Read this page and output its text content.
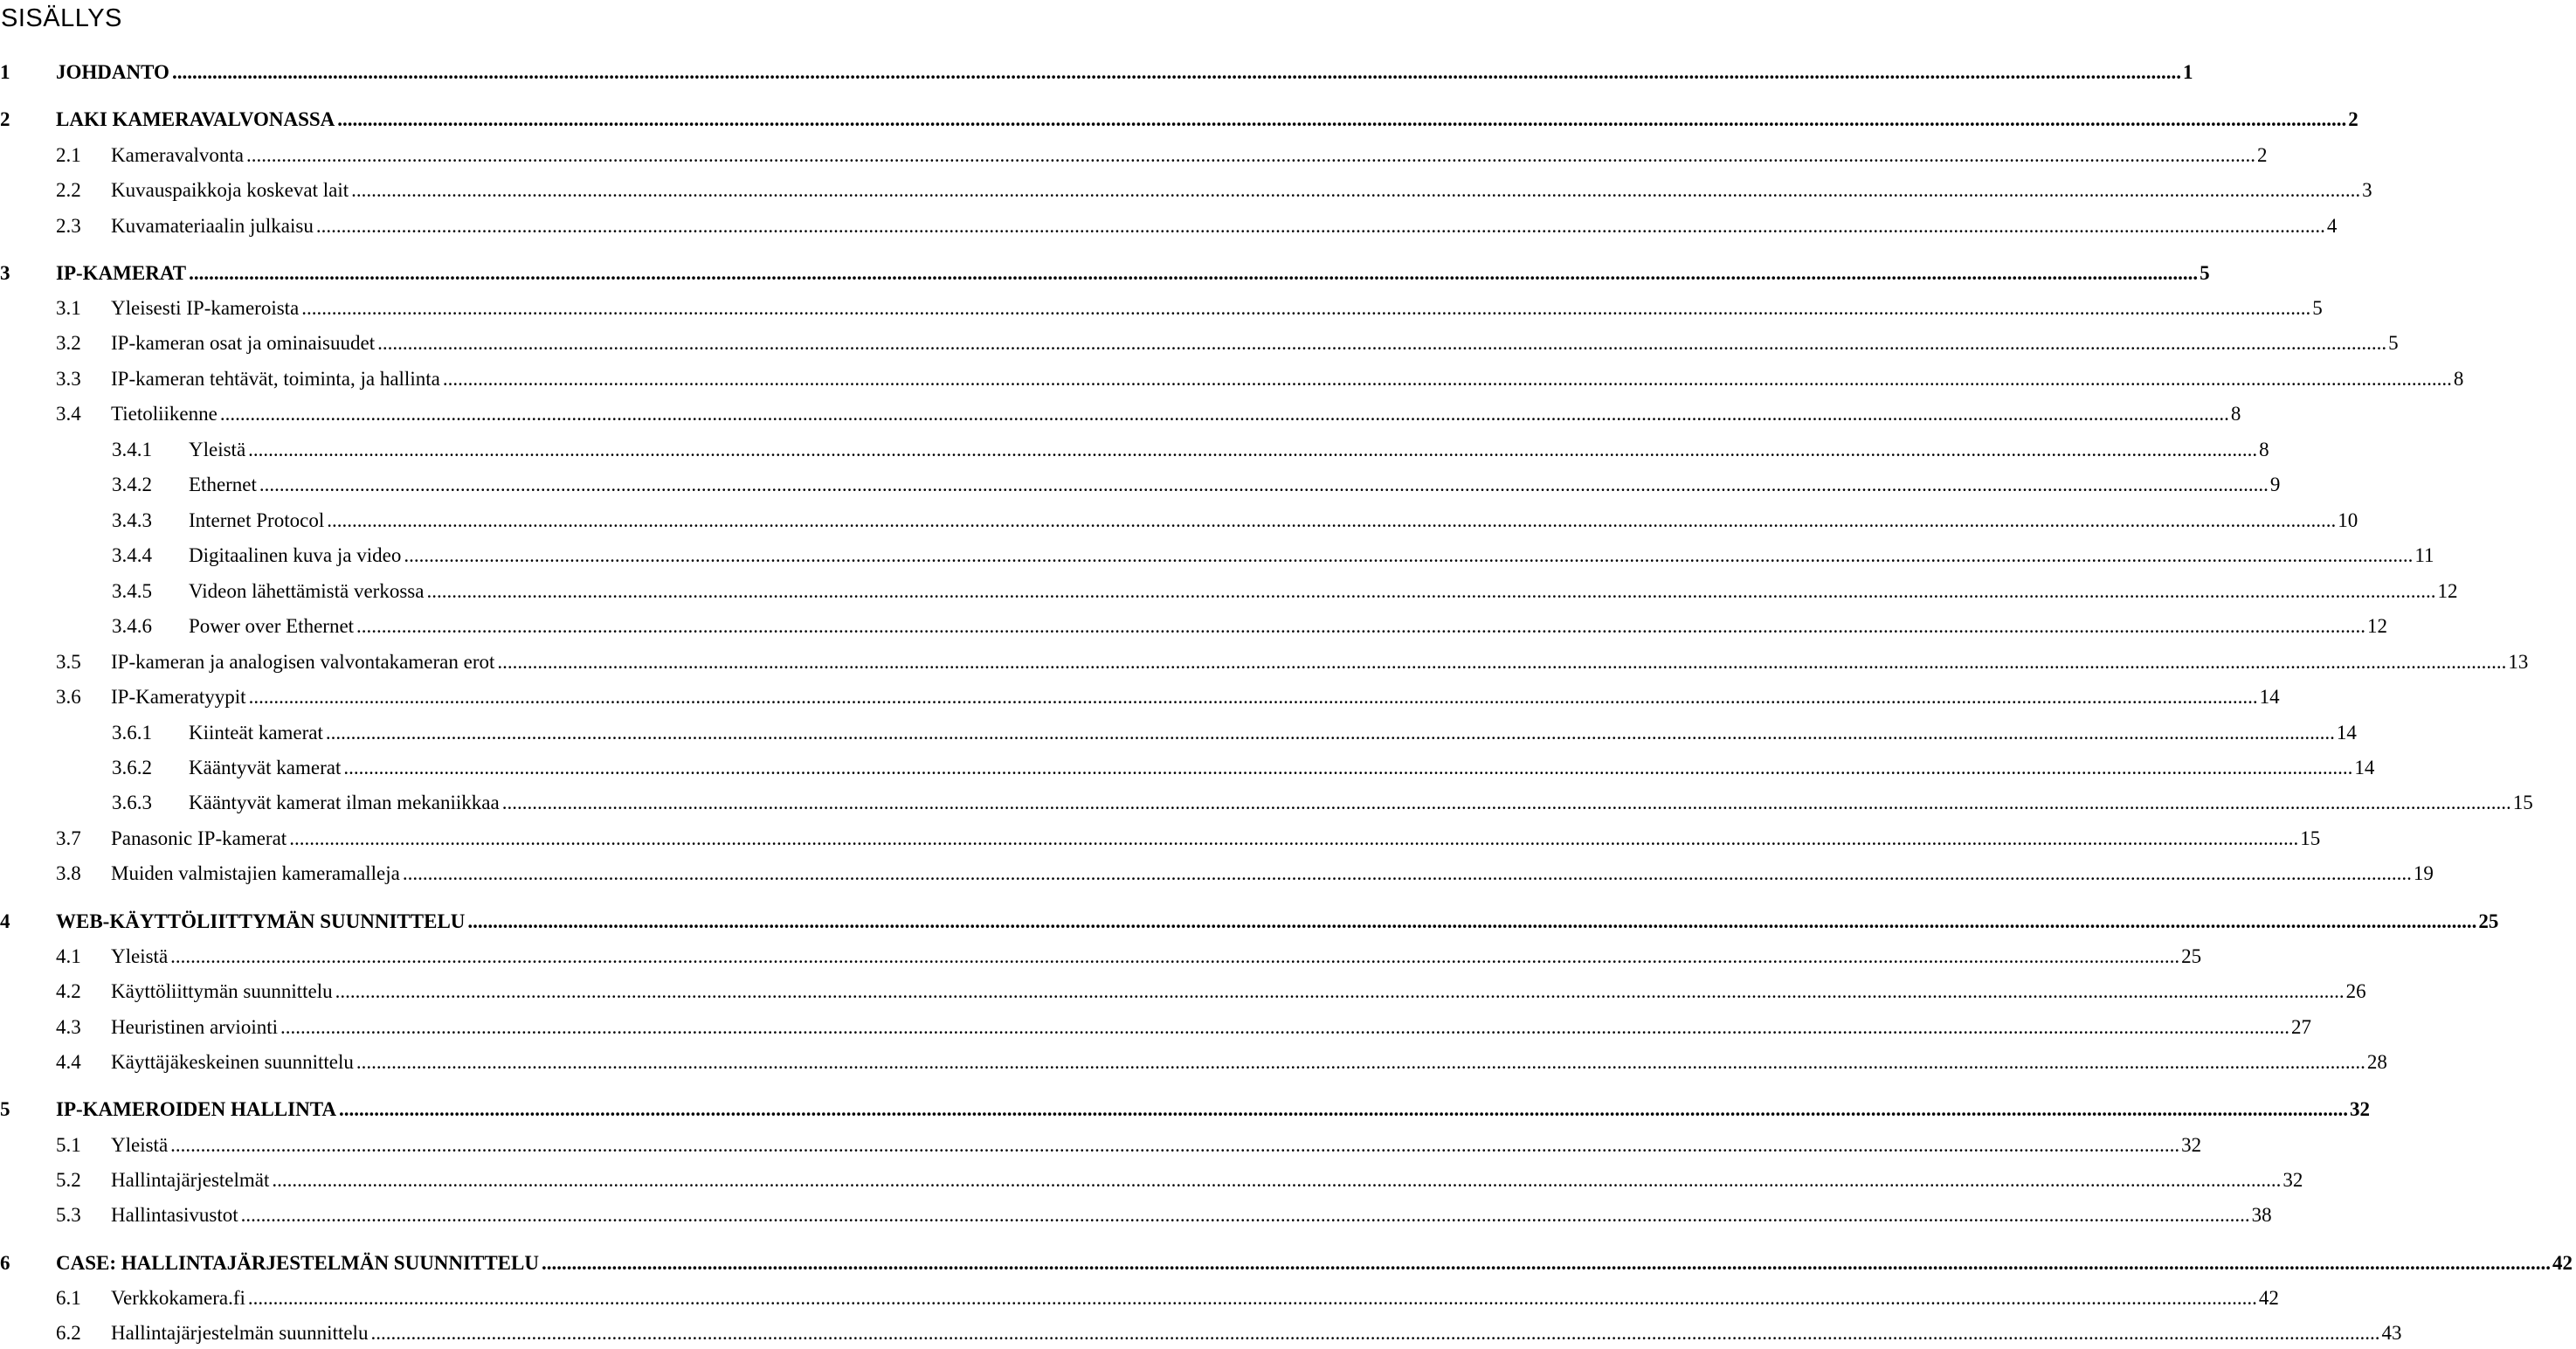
SISÄLLYS
1	JOHDANTO ................................................................................................................................................................................................................................................................................................................................................................................................................ 1
2	LAKI KAMERAVALVONASSA ................................................................................................................................................................................................................................................................................................................................................................................................................ 2
2.1	Kameravalvonta ................................................................................................................................................................................................................................................................................................................................................................................................................ 2
2.2	Kuvauspaikkoja koskevat lait ................................................................................................................................................................................................................................................................................................................................................................................................................ 3
2.3	Kuvamateriaalin julkaisu ................................................................................................................................................................................................................................................................................................................................................................................................................ 4
3	IP-KAMERAT ................................................................................................................................................................................................................................................................................................................................................................................................................ 5
3.1	Yleisesti IP-kameroista ................................................................................................................................................................................................................................................................................................................................................................................................................ 5
3.2	IP-kameran osat ja ominaisuudet ................................................................................................................................................................................................................................................................................................................................................................................................................ 5
3.3	IP-kameran tehtävät, toiminta, ja hallinta ................................................................................................................................................................................................................................................................................................................................................................................................................ 8
3.4	Tietoliikenne ................................................................................................................................................................................................................................................................................................................................................................................................................ 8
3.4.1	Yleistä ................................................................................................................................................................................................................................................................................................................................................................................................................ 8
3.4.2	Ethernet ................................................................................................................................................................................................................................................................................................................................................................................................................ 9
3.4.3	Internet Protocol ................................................................................................................................................................................................................................................................................................................................................................................................................ 10
3.4.4	Digitaalinen kuva ja video ................................................................................................................................................................................................................................................................................................................................................................................................................ 11
3.4.5	Videon lähettämistä verkossa ................................................................................................................................................................................................................................................................................................................................................................................................................ 12
3.4.6	Power over Ethernet ................................................................................................................................................................................................................................................................................................................................................................................................................ 12
3.5	IP-kameran ja analogisen valvontakameran erot ................................................................................................................................................................................................................................................................................................................................................................................................................ 13
3.6	IP-Kameratyypit ................................................................................................................................................................................................................................................................................................................................................................................................................ 14
3.6.1	Kiinteät kamerat ................................................................................................................................................................................................................................................................................................................................................................................................................ 14
3.6.2	Kääntyvät kamerat ................................................................................................................................................................................................................................................................................................................................................................................................................ 14
3.6.3	Kääntyvät kamerat ilman mekaniikkaa ................................................................................................................................................................................................................................................................................................................................................................................................................ 15
3.7	Panasonic IP-kamerat ................................................................................................................................................................................................................................................................................................................................................................................................................ 15
3.8	Muiden valmistajien kameramalleja ................................................................................................................................................................................................................................................................................................................................................................................................................ 19
4	WEB-KÄYTTÖLIITTYMÄN SUUNNITTELU ................................................................................................................................................................................................................................................................................................................................................................................................................ 25
4.1	Yleistä ................................................................................................................................................................................................................................................................................................................................................................................................................ 25
4.2	Käyttöliittymän suunnittelu ................................................................................................................................................................................................................................................................................................................................................................................................................ 26
4.3	Heuristinen arviointi ................................................................................................................................................................................................................................................................................................................................................................................................................ 27
4.4	Käyttäjäkeskeinen suunnittelu ................................................................................................................................................................................................................................................................................................................................................................................................................ 28
5	IP-KAMEROIDEN HALLINTA ................................................................................................................................................................................................................................................................................................................................................................................................................ 32
5.1	Yleistä ................................................................................................................................................................................................................................................................................................................................................................................................................ 32
5.2	Hallintajärjestelmät ................................................................................................................................................................................................................................................................................................................................................................................................................ 32
5.3	Hallintasivustot ................................................................................................................................................................................................................................................................................................................................................................................................................ 38
6	CASE: HALLINTAJÄRJESTELMÄN SUUNNITTELU ................................................................................................................................................................................................................................................................................................................................................................................................................ 42
6.1	Verkkokamera.fi ................................................................................................................................................................................................................................................................................................................................................................................................................ 42
6.2	Hallintajärjestelmän suunnittelu ................................................................................................................................................................................................................................................................................................................................................................................................................ 43
